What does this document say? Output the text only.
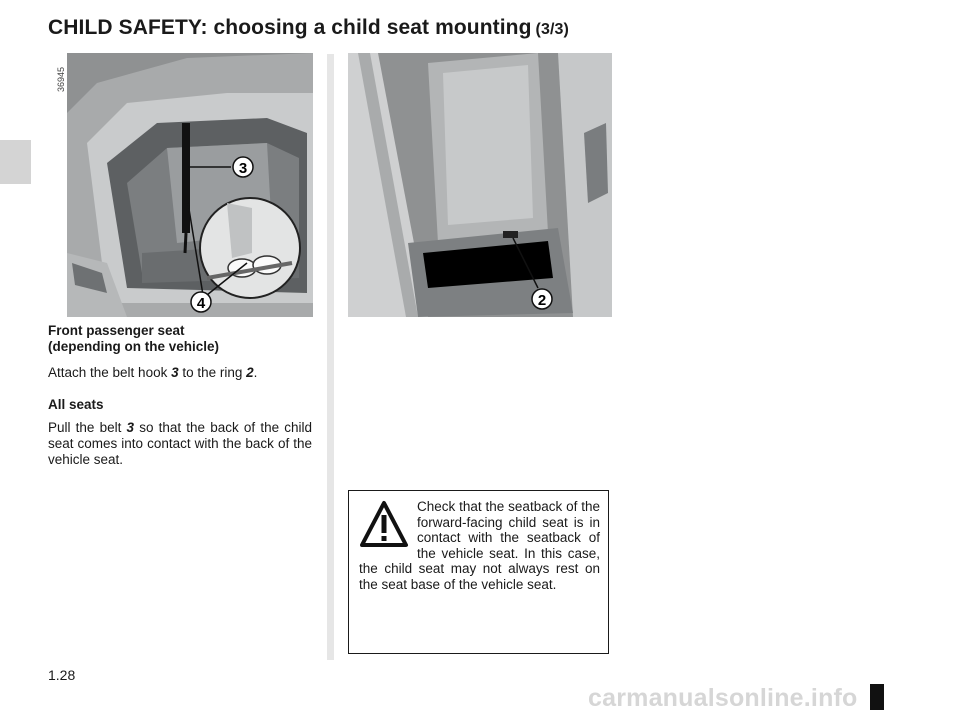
CHILD SAFETY: choosing a child seat mounting (3/3)
36945
3
4	2
Front passenger seat
(depending on the vehicle)
Attach the belt hook 3 to the ring 2.
All seats
Pull the belt 3 so that the back of the child seat comes into contact with the back of the vehicle seat.
Check that the seatback of the forward-facing child seat is in contact with the seatback of the vehicle seat. In this case, the child seat may not always rest on the seat base of the vehicle seat.
1.28
carmanualsonline.info
